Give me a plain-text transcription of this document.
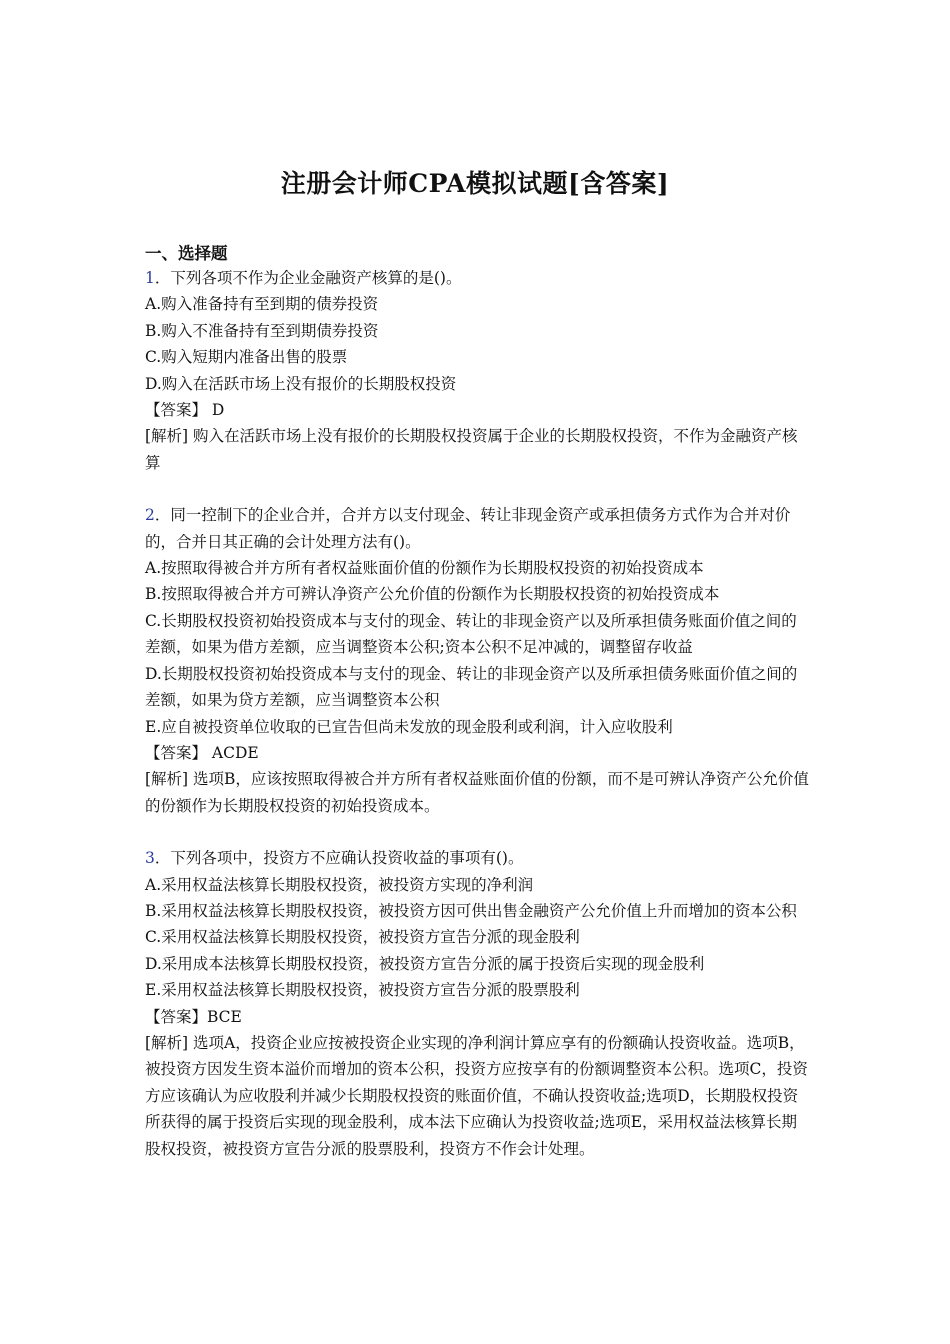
注册会计师CPA模拟试题[含答案]
一、选择题

1．下列各项不作为企业金融资产核算的是()。

A.购入准备持有至到期的债券投资

B.购入不准备持有至到期债券投资

C.购入短期内准备出售的股票

D.购入在活跃市场上没有报价的长期股权投资

【答案】 D

[解析] 购入在活跃市场上没有报价的长期股权投资属于企业的长期股权投资，不作为金融资产核算

2．同一控制下的企业合并，合并方以支付现金、转让非现金资产或承担债务方式作为合并对价的，合并日其正确的会计处理方法有()。

A.按照取得被合并方所有者权益账面价值的份额作为长期股权投资的初始投资成本

B.按照取得被合并方可辨认净资产公允价值的份额作为长期股权投资的初始投资成本

C.长期股权投资初始投资成本与支付的现金、转让的非现金资产以及所承担债务账面价值之间的差额，如果为借方差额，应当调整资本公积;资本公积不足冲减的，调整留存收益

D.长期股权投资初始投资成本与支付的现金、转让的非现金资产以及所承担债务账面价值之间的差额，如果为贷方差额，应当调整资本公积

E.应自被投资单位收取的已宣告但尚未发放的现金股利或利润，计入应收股利

【答案】 ACDE

[解析] 选项B，应该按照取得被合并方所有者权益账面价值的份额，而不是可辨认净资产公允价值的份额作为长期股权投资的初始投资成本。

3．下列各项中，投资方不应确认投资收益的事项有()。

A.采用权益法核算长期股权投资，被投资方实现的净利润

B.采用权益法核算长期股权投资，被投资方因可供出售金融资产公允价值上升而增加的资本公积

C.采用权益法核算长期股权投资，被投资方宣告分派的现金股利

D.采用成本法核算长期股权投资，被投资方宣告分派的属于投资后实现的现金股利

E.采用权益法核算长期股权投资，被投资方宣告分派的股票股利

【答案】BCE

[解析] 选项A，投资企业应按被投资企业实现的净利润计算应享有的份额确认投资收益。选项B，被投资方因发生资本溢价而增加的资本公积，投资方应按享有的份额调整资本公积。选项C，投资方应该确认为应收股利并减少长期股权投资的账面价值，不确认投资收益;选项D，长期股权投资所获得的属于投资后实现的现金股利，成本法下应确认为投资收益;选项E，采用权益法核算长期股权投资，被投资方宣告分派的股票股利，投资方不作会计处理。
